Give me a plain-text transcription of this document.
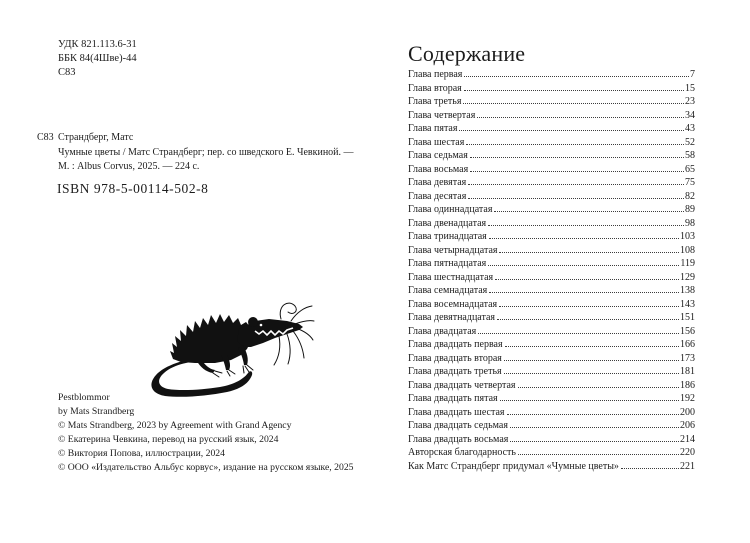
УДК 821.113.6-31
ББК 84(4Шве)-44
С83
С83 Страндберг, Матс
Чумные цветы / Матс Страндберг; пер. со шведского Е. Чевкиной. —
М. : Albus Corvus, 2025. — 224 с.
ISBN 978-5-00114-502-8
Pestblommor
by Mats Strandberg
© Mats Strandberg, 2023 by Agreement with Grand Agency
© Екатерина Чевкина, перевод на русский язык, 2024
© Виктория Попова, иллюстрации, 2024
© ООО «Издательство Альбус корвус», издание на русском языке, 2025
Содержание
Глава первая	7
Глава вторая	15
Глава третья	23
Глава четвертая	34
Глава пятая	43
Глава шестая	52
Глава седьмая	58
Глава восьмая	65
Глава девятая	75
Глава десятая	82
Глава одиннадцатая	89
Глава двенадцатая	98
Глава тринадцатая	103
Глава четырнадцатая	108
Глава пятнадцатая	119
Глава шестнадцатая	129
Глава семнадцатая	138
Глава восемнадцатая	143
Глава девятнадцатая	151
Глава двадцатая	156
Глава двадцать первая	166
Глава двадцать вторая	173
Глава двадцать третья	181
Глава двадцать четвертая	186
Глава двадцать пятая	192
Глава двадцать шестая	200
Глава двадцать седьмая	206
Глава двадцать восьмая	214
Авторская благодарность	220
Как Матс Страндберг придумал «Чумные цветы»	221
